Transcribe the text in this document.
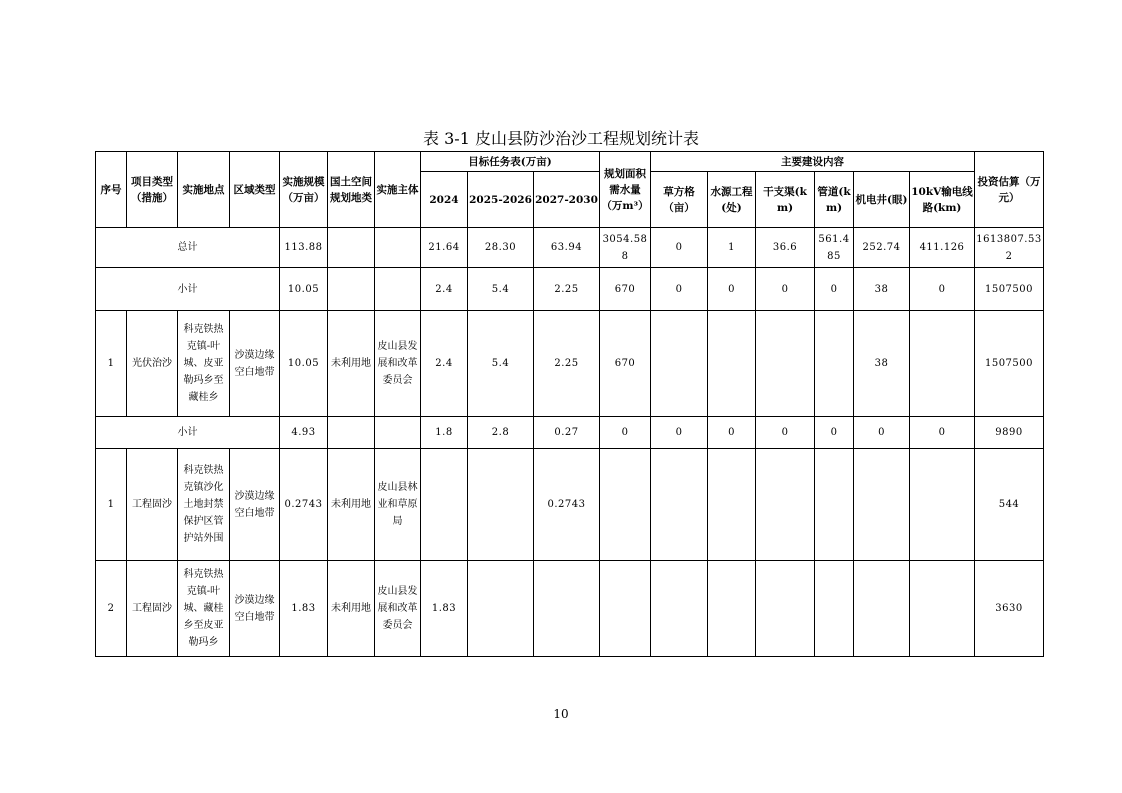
表 3-1 皮山县防沙治沙工程规划统计表
序号	项目类型（措施）	实施地点	区域类型	实施规模（万亩）	国土空间规划地类	实施主体	目标任务表(万亩)			规划面积需水量（万m³）	主要建设内容						投资估算（万元）
							2024	2025-2026	2027-2030		草方格（亩）	水源工程(处)	干支渠(km)	管道(km)	机电井(眼)	10kV输电线路(km)	
总计				113.88			21.64	28.30	63.94	3054.588	0	1	36.6	561.485	252.74	411.126	1613807.532
小计				10.05			2.4	5.4	2.25	670	0	0	0	0	38	0	1507500
1	光伏治沙	科克铁热克镇-叶城、皮亚勒玛乡至藏桂乡	沙漠边缘空白地带	10.05	未利用地	皮山县发展和改革委员会	2.4	5.4	2.25	670					38		1507500
小计				4.93			1.8	2.8	0.27	0	0	0	0	0	0	0	9890
1	工程固沙	科克铁热克镇沙化土地封禁保护区管护站外围	沙漠边缘空白地带	0.2743	未利用地	皮山县林业和草原局			0.2743								544
2	工程固沙	科克铁热克镇-叶城、藏桂乡至皮亚勒玛乡	沙漠边缘空白地带	1.83	未利用地	皮山县发展和改革委员会	1.83										3630
10
